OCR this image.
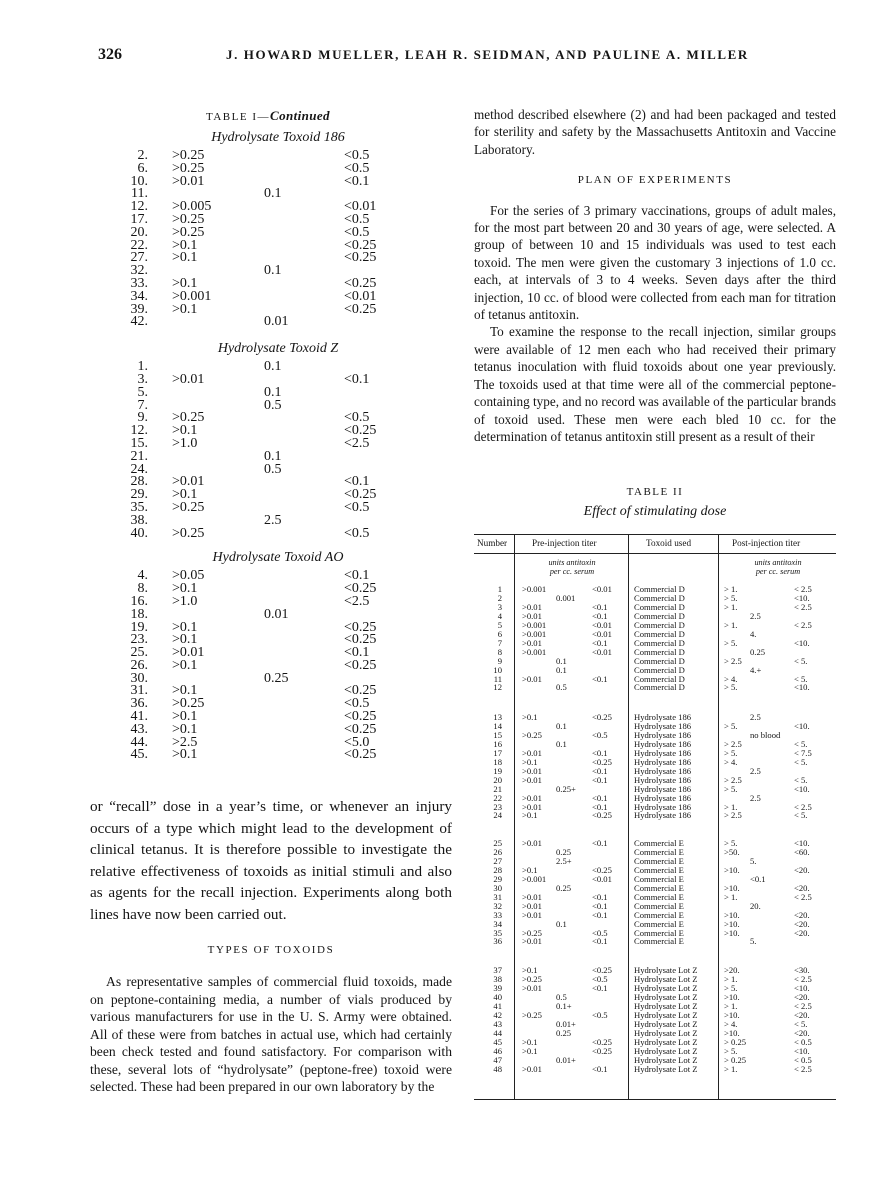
326	J. HOWARD MUELLER, LEAH R. SEIDMAN, AND PAULINE A. MILLER
TABLE I—Continued
Hydrolysate Toxoid 186
2. >0.25	<0.5
6. >0.25	<0.5
10. >0.01	<0.1
11.	0.1
12. >0.005	<0.01
17. >0.25	<0.5
20. >0.25	<0.5
22. >0.1	<0.25
27. >0.1	<0.25
32.	0.1
33. >0.1	<0.25
34. >0.001	<0.01
39. >0.1	<0.25
42.	0.01
Hydrolysate Toxoid Z
1.	0.1
3. >0.01	<0.1
5.	0.1
7.	0.5
9. >0.25	<0.5
12. >0.1	<0.25
15. >1.0	<2.5
21.	0.1
24.	0.5
28. >0.01	<0.1
29. >0.1	<0.25
35. >0.25	<0.5
38.	2.5
40. >0.25	<0.5
Hydrolysate Toxoid AO
4. >0.05	<0.1
8. >0.1	<0.25
16. >1.0	<2.5
18.	0.01
19. >0.1	<0.25
23. >0.1	<0.25
25. >0.01	<0.1
26. >0.1	<0.25
30.	0.25
31. >0.1	<0.25
36. >0.25	<0.5
41. >0.1	<0.25
43. >0.1	<0.25
44. >2.5	<5.0
45. >0.1	<0.25

or “recall” dose in a year’s time, or whenever an injury occurs of a type which might lead to the development of clinical tetanus. It is therefore possible to investigate the relative effectiveness of toxoids as initial stimuli and also as agents for the recall injection. Experiments along both lines have now been carried out.

TYPES OF TOXOIDS

As representative samples of commercial fluid toxoids, made on peptone-containing media, a number of vials produced by various manufacturers for use in the U. S. Army were obtained. All of these were from batches in actual use, which had certainly been check tested and found satisfactory. For comparison with these, several lots of “hydrolysate” (peptone-free) toxoid were selected. These had been prepared in our own laboratory by the

method described elsewhere (2) and had been packaged and tested for sterility and safety by the Massachusetts Antitoxin and Vaccine Laboratory.

PLAN OF EXPERIMENTS

For the series of 3 primary vaccinations, groups of adult males, for the most part between 20 and 30 years of age, were selected. A group of between 10 and 15 individuals was used to test each toxoid. The men were given the customary 3 injections of 1.0 cc. each, at intervals of 3 to 4 weeks. Seven days after the third injection, 10 cc. of blood were collected from each man for titration of tetanus antitoxin.

To examine the response to the recall injection, similar groups were available of 12 men each who had received their primary tetanus inoculation with fluid toxoids about one year previously. The toxoids used at that time were all of the commercial peptone-containing type, and no record was available of the particular brands of toxoid used. These men were each bled 10 cc. for the determination of tetanus antitoxin still present as a result of their

TABLE II
Effect of stimulating dose
Number	Pre-injection titer	Toxoid used	Post-injection titer
units antitoxin
per cc. serum
units antitoxin
per cc. serum
1 >0.001	<0.01	Commercial D	> 1.	< 2.5
2	0.001	Commercial D	> 5.	<10.
3 >0.01	<0.1	Commercial D	> 1.	< 2.5
4 >0.01	<0.1	Commercial D	2.5
5 >0.001	<0.01	Commercial D	> 1.	< 2.5
6 >0.001	<0.01	Commercial D	4.
7 >0.01	<0.1	Commercial D	> 5.	<10.
8 >0.001	<0.01	Commercial D	0.25
9	0.1	Commercial D	> 2.5	< 5.
10	0.1	Commercial D	4.+
11 >0.01	<0.1	Commercial D	> 4.	< 5.
12	0.5	Commercial D	> 5.	<10.
13 >0.1	<0.25	Hydrolysate 186	2.5
14	0.1	Hydrolysate 186	> 5.	<10.
15 >0.25	<0.5	Hydrolysate 186	no blood
16	0.1	Hydrolysate 186	> 2.5	< 5.
17 >0.01	<0.1	Hydrolysate 186	> 5.	< 7.5
18 >0.1	<0.25	Hydrolysate 186	> 4.	< 5.
19 >0.01	<0.1	Hydrolysate 186	2.5
20 >0.01	<0.1	Hydrolysate 186	> 2.5	< 5.
21	0.25+	Hydrolysate 186	> 5.	<10.
22 >0.01	<0.1	Hydrolysate 186	2.5
23 >0.01	<0.1	Hydrolysate 186	> 1.	< 2.5
24 >0.1	<0.25	Hydrolysate 186	> 2.5	< 5.
25 >0.01	<0.1	Commercial E	> 5.	<10.
26	0.25	Commercial E	>50.	<60.
27	2.5+	Commercial E	5.
28 >0.1	<0.25	Commercial E	>10.	<20.
29 >0.001	<0.01	Commercial E	<0.1
30	0.25	Commercial E	>10.	<20.
31 >0.01	<0.1	Commercial E	> 1.	< 2.5
32 >0.01	<0.1	Commercial E	20.
33 >0.01	<0.1	Commercial E	>10.	<20.
34	0.1	Commercial E	>10.	<20.
35 >0.25	<0.5	Commercial E	>10.	<20.
36 >0.01	<0.1	Commercial E	5.
37 >0.1	<0.25	Hydrolysate Lot Z	>20.	<30.
38 >0.25	<0.5	Hydrolysate Lot Z	> 1.	< 2.5
39 >0.01	<0.1	Hydrolysate Lot Z	> 5.	<10.
40	0.5	Hydrolysate Lot Z	>10.	<20.
41	0.1+	Hydrolysate Lot Z	> 1.	< 2.5
42 >0.25	<0.5	Hydrolysate Lot Z	>10.	<20.
43	0.01+	Hydrolysate Lot Z	> 4.	< 5.
44	0.25	Hydrolysate Lot Z	>10.	<20.
45 >0.1	<0.25	Hydrolysate Lot Z	> 0.25	< 0.5
46 >0.1	<0.25	Hydrolysate Lot Z	> 5.	<10.
47	0.01+	Hydrolysate Lot Z	> 0.25	< 0.5
48 >0.01	<0.1	Hydrolysate Lot Z	> 1.	< 2.5
